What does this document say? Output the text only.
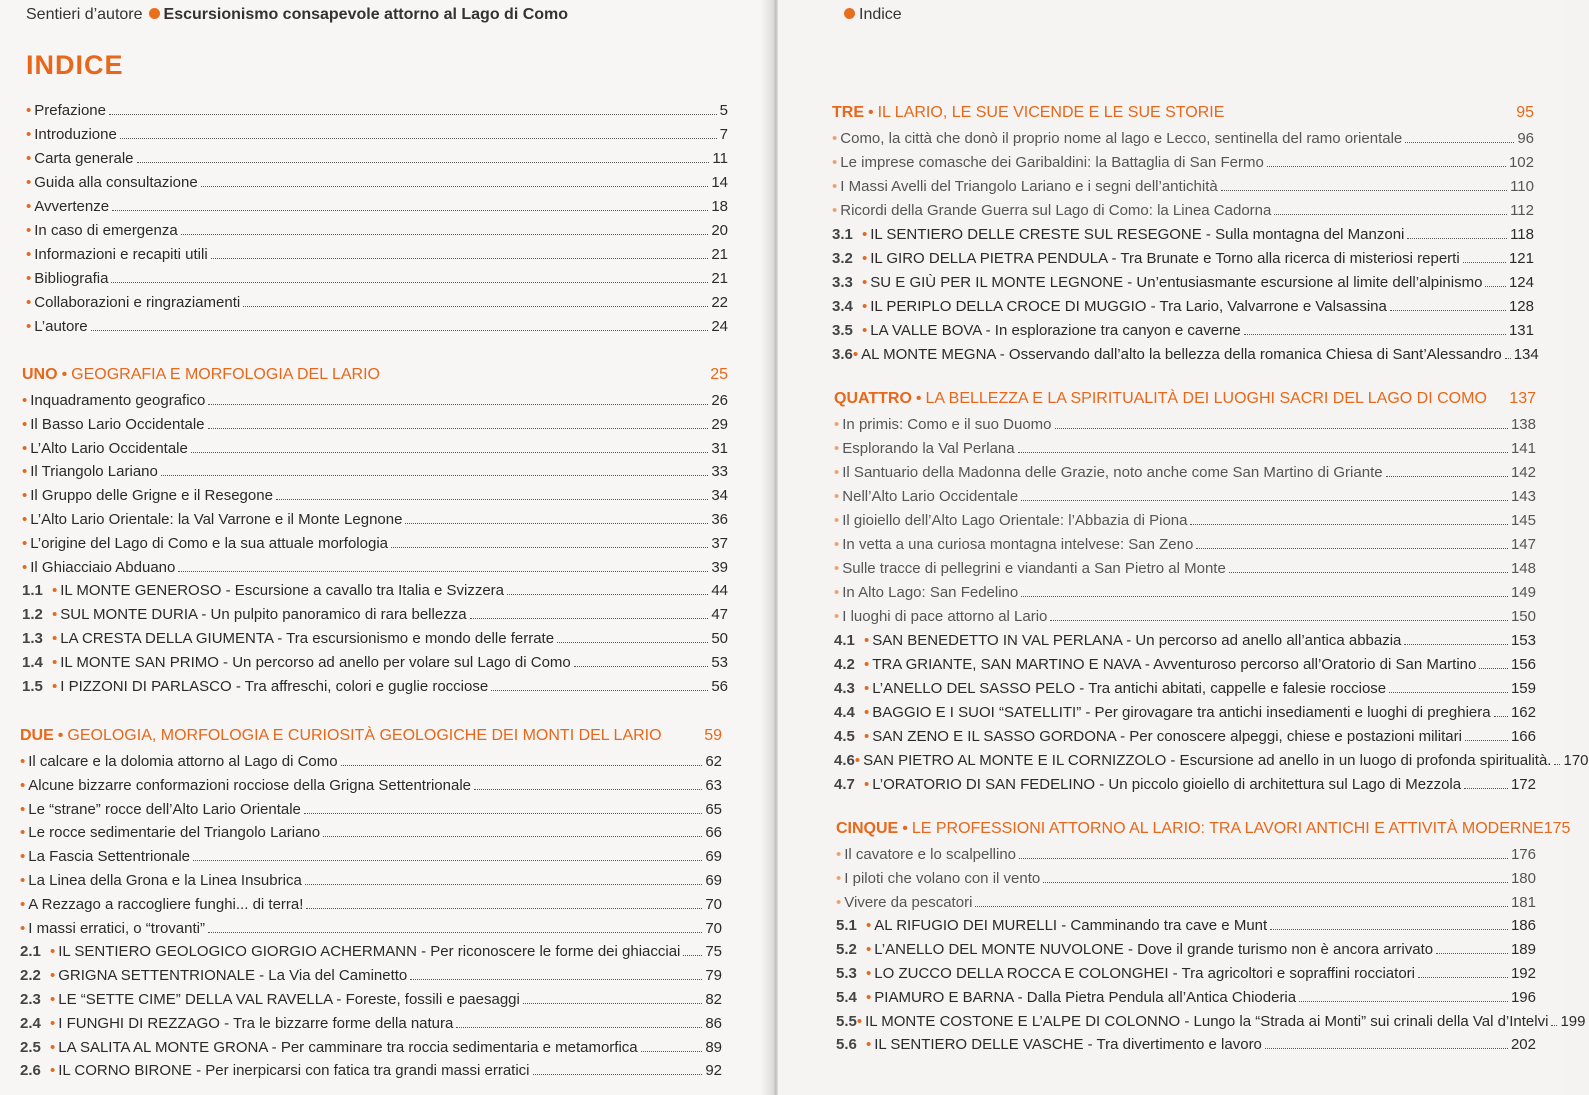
Sentieri d’autore Escursionismo consapevole attorno al Lago di Como
INDICE
• Prefazione	5
• Introduzione	7
• Carta generale	11
• Guida alla consultazione	14
• Avvertenze	18
• In caso di emergenza	20
• Informazioni e recapiti utili	21
• Bibliografia	21
• Collaborazioni e ringraziamenti	22
• L’autore	24
UNO • GEOGRAFIA E MORFOLOGIA DEL LARIO	25
• Inquadramento geografico	26
• Il Basso Lario Occidentale	29
• L’Alto Lario Occidentale	31
• Il Triangolo Lariano	33
• Il Gruppo delle Grigne e il Resegone	34
• L’Alto Lario Orientale: la Val Varrone e il Monte Legnone	36
• L’origine del Lago di Como e la sua attuale morfologia	37
• Il Ghiacciaio Abduano	39
1.1 • IL MONTE GENEROSO - Escursione a cavallo tra Italia e Svizzera	44
1.2 • SUL MONTE DURIA - Un pulpito panoramico di rara bellezza	47
1.3 • LA CRESTA DELLA GIUMENTA - Tra escursionismo e mondo delle ferrate	50
1.4 • IL MONTE SAN PRIMO - Un percorso ad anello per volare sul Lago di Como	53
1.5 • I PIZZONI DI PARLASCO - Tra affreschi, colori e guglie rocciose	56
DUE • GEOLOGIA, MORFOLOGIA E CURIOSITÀ GEOLOGICHE DEI MONTI DEL LARIO	59
• Il calcare e la dolomia attorno al Lago di Como	62
• Alcune bizzarre conformazioni rocciose della Grigna Settentrionale	63
• Le “strane” rocce dell’Alto Lario Orientale	65
• Le rocce sedimentarie del Triangolo Lariano	66
• La Fascia Settentrionale	69
• La Linea della Grona e la Linea Insubrica	69
• A Rezzago a raccogliere funghi... di terra!	70
• I massi erratici, o “trovanti”	70
2.1 • IL SENTIERO GEOLOGICO GIORGIO ACHERMANN - Per riconoscere le forme dei ghiacciai 75
2.2 • GRIGNA SETTENTRIONALE - La Via del Caminetto	79
2.3 • LE “SETTE CIME” DELLA VAL RAVELLA - Foreste, fossili e paesaggi	82
2.4 • I FUNGHI DI REZZAGO - Tra le bizzarre forme della natura	86
2.5 • LA SALITA AL MONTE GRONA - Per camminare tra roccia sedimentaria e metamorfica	89
2.6 • IL CORNO BIRONE - Per inerpicarsi con fatica tra grandi massi erratici	92
Indice
TRE • IL LARIO, LE SUE VICENDE E LE SUE STORIE	95
• Como, la città che donò il proprio nome al lago e Lecco, sentinella del ramo orientale	96
• Le imprese comasche dei Garibaldini: la Battaglia di San Fermo	102
• I Massi Avelli del Triangolo Lariano e i segni dell’antichità	110
• Ricordi della Grande Guerra sul Lago di Como: la Linea Cadorna	112
3.1 • IL SENTIERO DELLE CRESTE SUL RESEGONE - Sulla montagna del Manzoni	118
3.2 • IL GIRO DELLA PIETRA PENDULA - Tra Brunate e Torno alla ricerca di misteriosi reperti	121
3.3 • SU E GIÙ PER IL MONTE LEGNONE - Un’entusiasmante escursione al limite dell’alpinismo 124
3.4 • IL PERIPLO DELLA CROCE DI MUGGIO - Tra Lario, Valvarrone e Valsassina	128
3.5 • LA VALLE BOVA - In esplorazione tra canyon e caverne	131
3.6 • AL MONTE MEGNA - Osservando dall’alto la bellezza della romanica Chiesa di Sant’Alessandro 134
QUATTRO • LA BELLEZZA E LA SPIRITUALITÀ DEI LUOGHI SACRI DEL LAGO DI COMO 137
• In primis: Como e il suo Duomo	138
• Esplorando la Val Perlana	141
• Il Santuario della Madonna delle Grazie, noto anche come San Martino di Griante	142
• Nell’Alto Lario Occidentale	143
• Il gioiello dell’Alto Lago Orientale: l’Abbazia di Piona	145
• In vetta a una curiosa montagna intelvese: San Zeno	147
• Sulle tracce di pellegrini e viandanti a San Pietro al Monte	148
• In Alto Lago: San Fedelino	149
• I luoghi di pace attorno al Lario	150
4.1 • SAN BENEDETTO IN VAL PERLANA - Un percorso ad anello all’antica abbazia	153
4.2 • TRA GRIANTE, SAN MARTINO E NAVA - Avventuroso percorso all’Oratorio di San Martino 156
4.3 • L’ANELLO DEL SASSO PELO - Tra antichi abitati, cappelle e falesie rocciose	159
4.4 • BAGGIO E I SUOI “SATELLITI” - Per girovagare tra antichi insediamenti e luoghi di preghiera 162
4.5 • SAN ZENO E IL SASSO GORDONA - Per conoscere alpeggi, chiese e postazioni militari	166
4.6 • SAN PIETRO AL MONTE E IL CORNIZZOLO - Escursione ad anello in un luogo di profonda spiritualità. 170
4.7 • L’ORATORIO DI SAN FEDELINO - Un piccolo gioiello di architettura sul Lago di Mezzola	172
CINQUE • LE PROFESSIONI ATTORNO AL LARIO: TRA LAVORI ANTICHI E ATTIVITÀ MODERNE 175
• Il cavatore e lo scalpellino	176
• I piloti che volano con il vento	180
• Vivere da pescatori	181
5.1 • AL RIFUGIO DEI MURELLI - Camminando tra cave e Munt	186
5.2 • L’ANELLO DEL MONTE NUVOLONE - Dove il grande turismo non è ancora arrivato	189
5.3 • LO ZUCCO DELLA ROCCA E COLONGHEI - Tra agricoltori e sopraffini rocciatori	192
5.4 • PIAMURO E BARNA - Dalla Pietra Pendula all’Antica Chioderia	196
5.5 • IL MONTE COSTONE E L’ALPE DI COLONNO - Lungo la “Strada ai Monti” sui crinali della Val d’Intelvi 199
5.6 • IL SENTIERO DELLE VASCHE - Tra divertimento e lavoro	202
